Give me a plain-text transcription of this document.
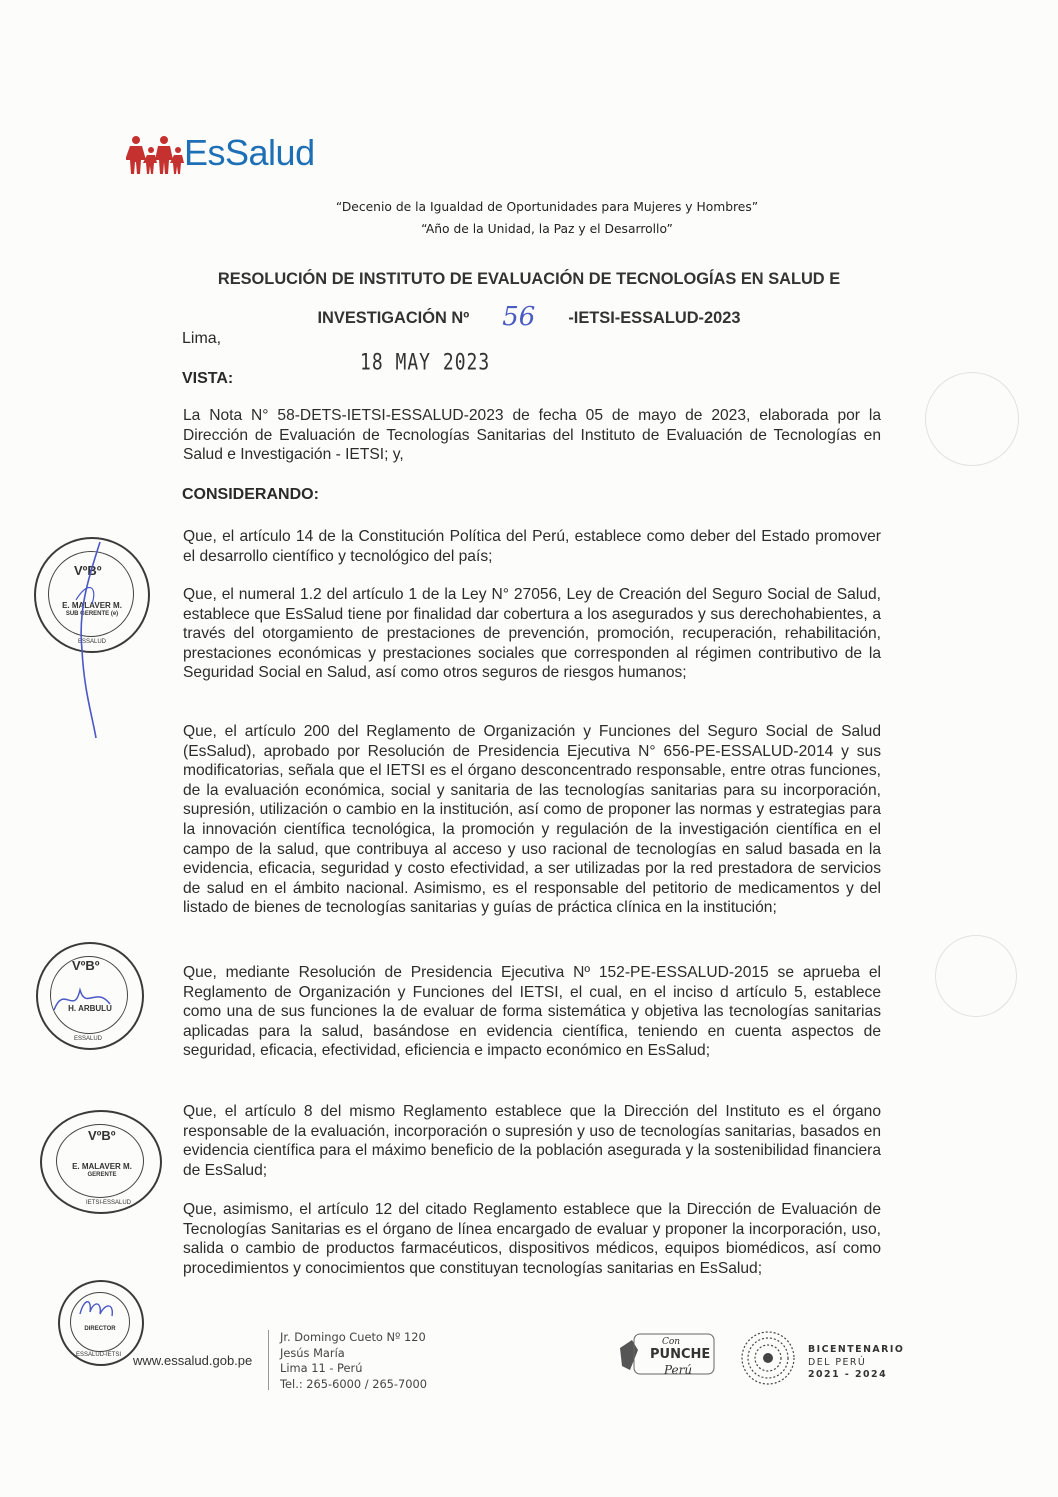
EsSalud
“Decenio de la Igualdad de Oportunidades para Mujeres y Hombres”
“Año de la Unidad, la Paz y el Desarrollo”
RESOLUCIÓN DE INSTITUTO DE EVALUACIÓN DE TECNOLOGÍAS EN SALUD E
INVESTIGACIÓN Nº 56 -IETSI-ESSALUD-2023
Lima,
18 MAY 2023
VISTA:
La Nota N° 58-DETS-IETSI-ESSALUD-2023 de fecha 05 de mayo de 2023, elaborada por la Dirección de Evaluación de Tecnologías Sanitarias del Instituto de Evaluación de Tecnologías en Salud e Investigación - IETSI; y,
CONSIDERANDO:
Que, el artículo 14 de la Constitución Política del Perú, establece como deber del Estado promover el desarrollo científico y tecnológico del país;
Que, el numeral 1.2 del artículo 1 de la Ley N° 27056, Ley de Creación del Seguro Social de Salud, establece que EsSalud tiene por finalidad dar cobertura a los asegurados y sus derechohabientes, a través del otorgamiento de prestaciones de prevención, promoción, recuperación, rehabilitación, prestaciones económicas y prestaciones sociales que corresponden al régimen contributivo de la Seguridad Social en Salud, así como otros seguros de riesgos humanos;
Que, el artículo 200 del Reglamento de Organización y Funciones del Seguro Social de Salud (EsSalud), aprobado por Resolución de Presidencia Ejecutiva N° 656-PE-ESSALUD-2014 y sus modificatorias, señala que el IETSI es el órgano desconcentrado responsable, entre otras funciones, de la evaluación económica, social y sanitaria de las tecnologías sanitarias para su incorporación, supresión, utilización o cambio en la institución, así como de proponer las normas y estrategias para la innovación científica tecnológica, la promoción y regulación de la investigación científica en el campo de la salud, que contribuya al acceso y uso racional de tecnologías en salud basada en la evidencia, eficacia, seguridad y costo efectividad, a ser utilizadas por la red prestadora de servicios de salud en el ámbito nacional. Asimismo, es el responsable del petitorio de medicamentos y del listado de bienes de tecnologías sanitarias y guías de práctica clínica en la institución;
Que, mediante Resolución de Presidencia Ejecutiva Nº 152-PE-ESSALUD-2015 se aprueba el Reglamento de Organización y Funciones del IETSI, el cual, en el inciso d artículo 5, establece como una de sus funciones la de evaluar de forma sistemática y objetiva las tecnologías sanitarias aplicadas para la salud, basándose en evidencia científica, teniendo en cuenta aspectos de seguridad, eficacia, efectividad, eficiencia e impacto económico en EsSalud;
Que, el artículo 8 del mismo Reglamento establece que la Dirección del Instituto es el órgano responsable de la evaluación, incorporación o supresión y uso de tecnologías sanitarias, basados en evidencia científica para el máximo beneficio de la población asegurada y la sostenibilidad financiera de EsSalud;
Que, asimismo, el artículo 12 del citado Reglamento establece que la Dirección de Evaluación de Tecnologías Sanitarias es el órgano de línea encargado de evaluar y proponer la incorporación, uso, salida o cambio de productos farmacéuticos, dispositivos médicos, equipos biomédicos, así como procedimientos y conocimientos que constituyan tecnologías sanitarias en EsSalud;
VºBº
E. MALAVER M.
SUB GERENTE (e)
ESSALUD
VºBº
H. ARBULU
ESSALUD
VºBº
E. MALAVER M.
GERENTE
IETSI-ESSALUD
DIRECTOR
ESSALUD-IETSI www.essalud.gob.pe
Jr. Domingo Cueto Nº 120
Jesús María
Lima 11 - Perú
Tel.: 265-6000 / 265-7000
Con
PUNCHE
Perú
BICENTENARIO
DEL PERÚ
2021 - 2024
